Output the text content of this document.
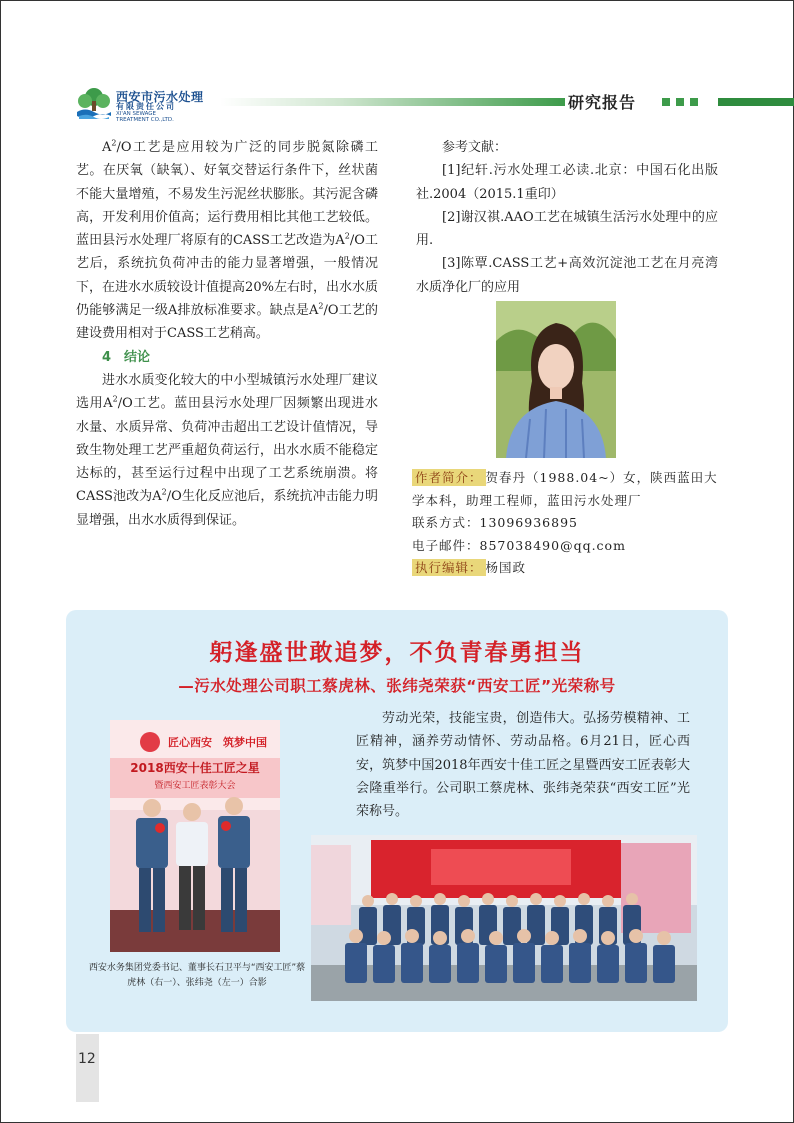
西安市污水处理
有限责任公司
XI'AN SEWAGE
TREATMENT CO.,LTD.
研究报告

$A^2/O$工艺是应用较为广泛的同步脱氮除磷工艺。在厌氧（缺氧）、好氧交替运行条件下，丝状菌不能大量增殖，不易发生污泥丝状膨胀。其污泥含磷高，开发利用价值高；运行费用相比其他工艺较低。蓝田县污水处理厂将原有的CASS工艺改造为$A^2/O$工艺后，系统抗负荷冲击的能力显著增强，一般情况下，在进水水质较设计值提高20%左右时，出水水质仍能够满足一级A排放标准要求。缺点是$A^2/O$工艺的建设费用相对于CASS工艺稍高。

4　结论

进水水质变化较大的中小型城镇污水处理厂建议选用$A^2/O$工艺。蓝田县污水处理厂因频繁出现进水水量、水质异常、负荷冲击超出工艺设计值情况，导致生物处理工艺严重超负荷运行，出水水质不能稳定达标的，甚至运行过程中出现了工艺系统崩溃。将CASS池改为$A^2/O$生化反应池后，系统抗冲击能力明显增强，出水水质得到保证。

参考文献：

[1]纪轩.污水处理工必读.北京：中国石化出版社.2004（2015.1重印）

[2]谢汉祺.AAO工艺在城镇生活污水处理中的应用.

[3]陈覃.CASS工艺+高效沉淀池工艺在月亮湾水质净化厂的应用

作者简介： 贺春丹（1988.04~）女，陕西蓝田大学本科，助理工程师，蓝田污水处理厂

联系方式：13096936895

电子邮件：857038490@qq.com

执行编辑： 杨国政

躬逢盛世敢追梦，不负青春勇担当
—污水处理公司职工蔡虎林、张纬尧荣获“西安工匠”光荣称号

劳动光荣，技能宝贵，创造伟大。弘扬劳模精神、工匠精神，涵养劳动情怀、劳动品格。6月21日，匠心西安，筑梦中国2018年西安十佳工匠之星暨西安工匠表彰大会隆重举行。公司职工蔡虎林、张纬尧荣获“西安工匠”光荣称号。

匠心西安　筑梦中国
2018西安十佳工匠之星
暨西安工匠表彰大会
西安水务集团党委书记、董事长石卫平与“西安工匠”蔡虎林（右一）、张纬尧（左一）合影
12
